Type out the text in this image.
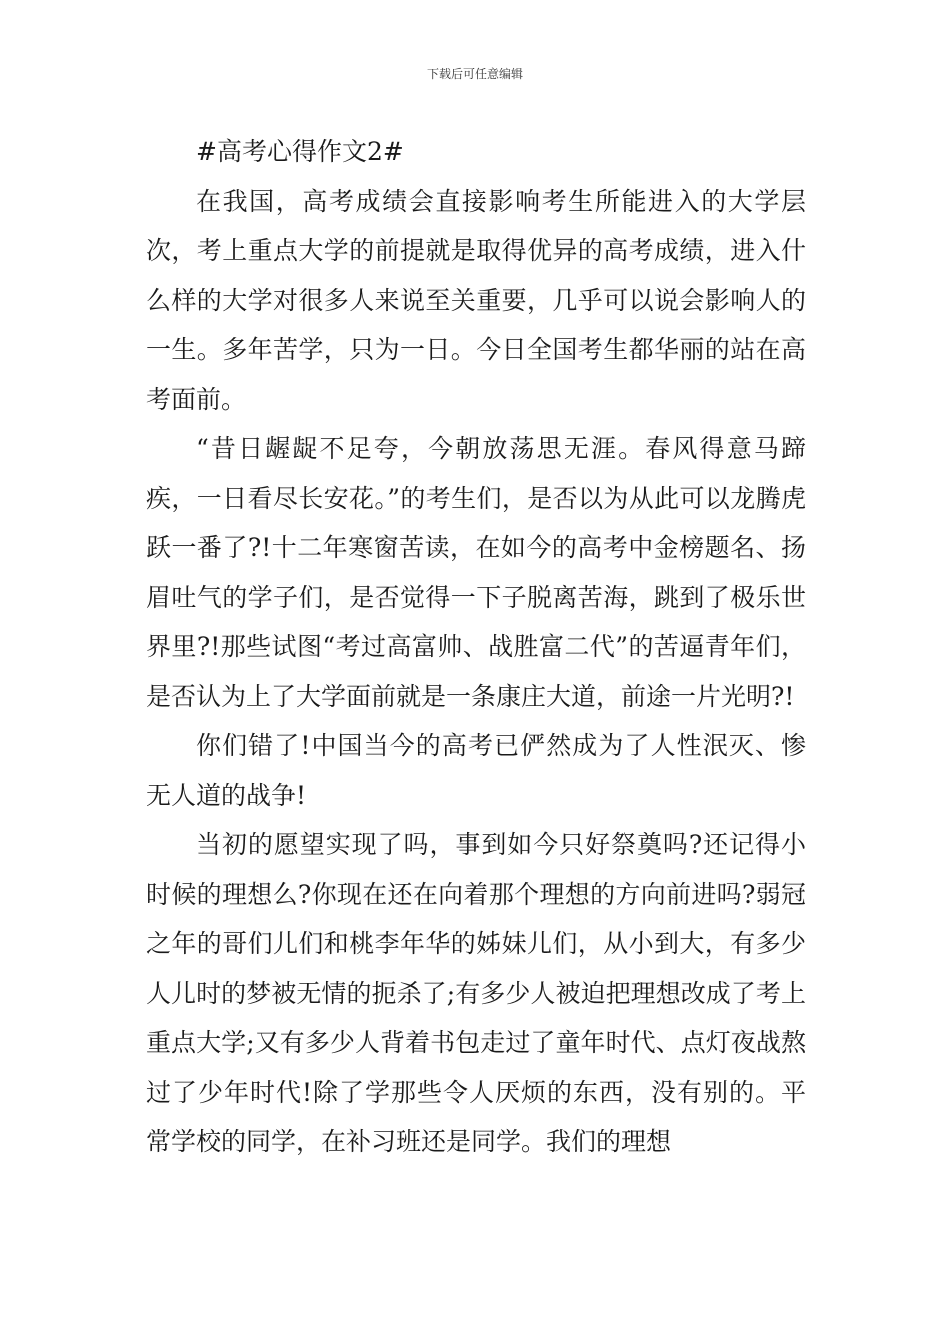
下载后可任意编辑

#高考心得作文2#

在我国，高考成绩会直接影响考生所能进入的大学层次，考上重点大学的前提就是取得优异的高考成绩，进入什么样的大学对很多人来说至关重要，几乎可以说会影响人的一生。多年苦学，只为一日。今日全国考生都华丽的站在高考面前。

“昔日龌龊不足夸，今朝放荡思无涯。春风得意马蹄疾，一日看尽长安花。”的考生们，是否以为从此可以龙腾虎跃一番了?!十二年寒窗苦读，在如今的高考中金榜题名、扬眉吐气的学子们，是否觉得一下子脱离苦海，跳到了极乐世界里?!那些试图“考过高富帅、战胜富二代”的苦逼青年们，是否认为上了大学面前就是一条康庄大道，前途一片光明?!

你们错了!中国当今的高考已俨然成为了人性泯灭、惨无人道的战争!

当初的愿望实现了吗，事到如今只好祭奠吗?还记得小时候的理想么?你现在还在向着那个理想的方向前进吗?弱冠之年的哥们儿们和桃李年华的姊妹儿们，从小到大，有多少人儿时的梦被无情的扼杀了;有多少人被迫把理想改成了考上重点大学;又有多少人背着书包走过了童年时代、点灯夜战熬过了少年时代!除了学那些令人厌烦的东西，没有别的。平常学校的同学，在补习班还是同学。我们的理想
